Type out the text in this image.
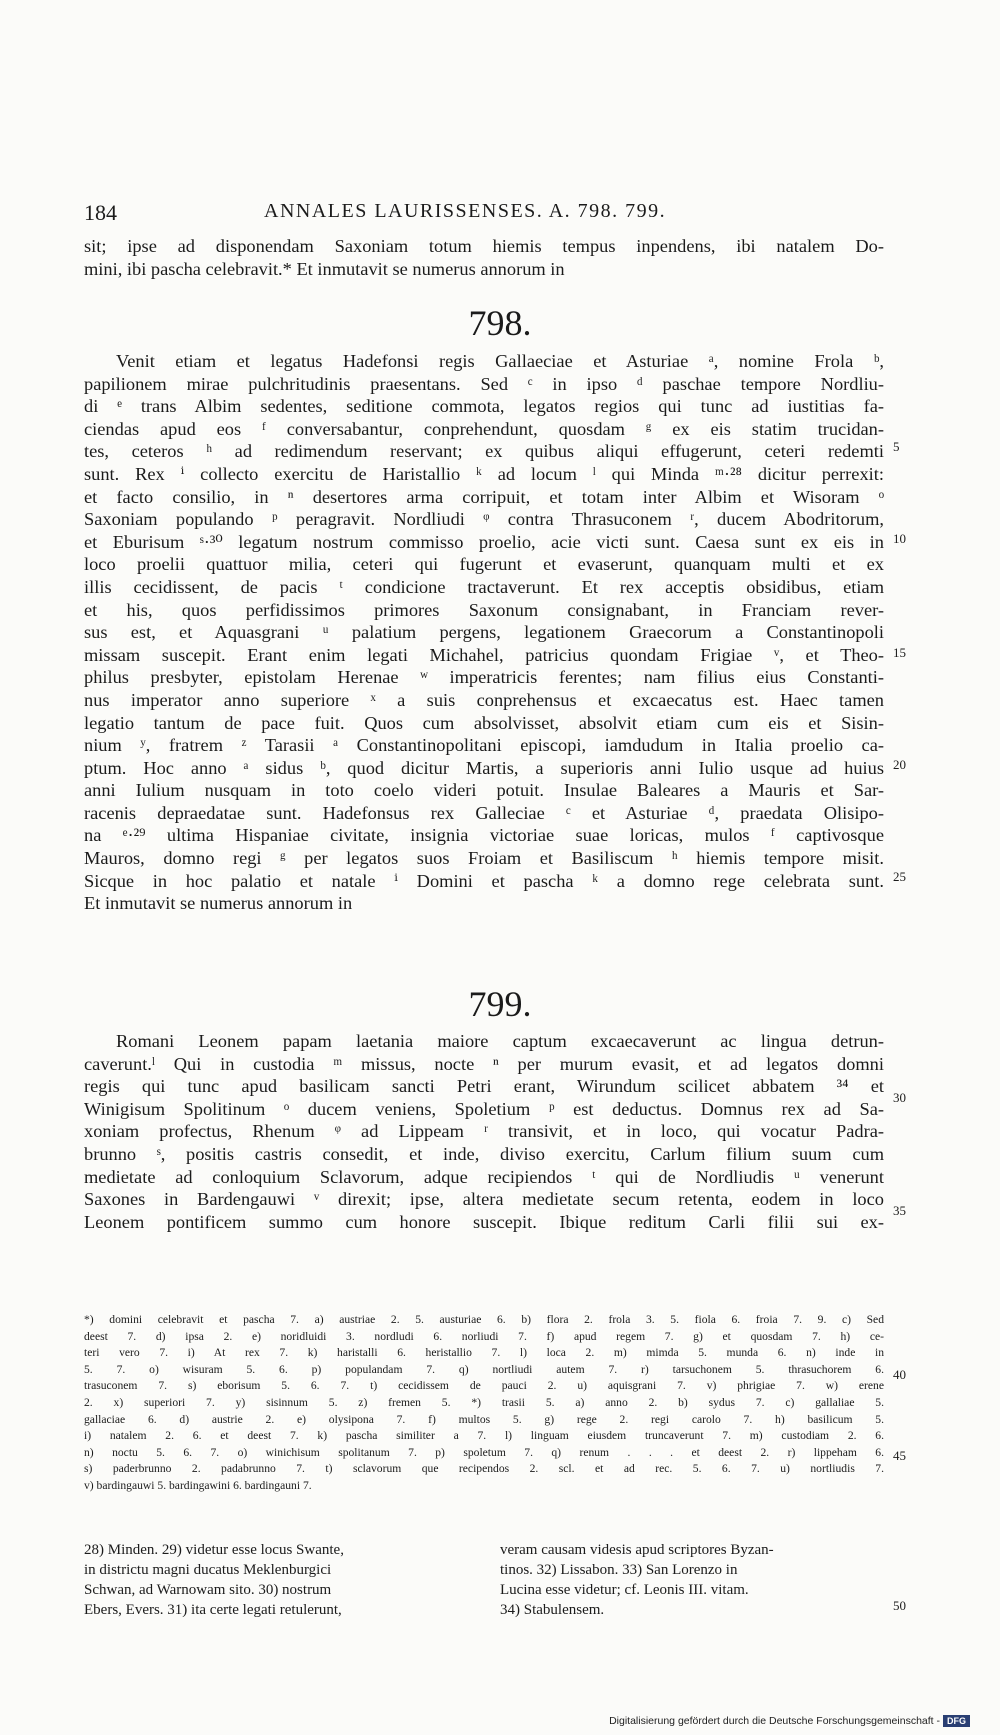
184	ANNALES LAURISSENSES. A. 798. 799.
sit; ipse ad disponendam Saxoniam totum hiemis tempus inpendens, ibi natalem Do-
mini, ibi pascha celebravit.* Et inmutavit se numerus annorum in
798.
Venit etiam et legatus Hadefonsi regis Gallaeciae et Asturiae ᵃ, nomine Frola ᵇ,
papilionem mirae pulchritudinis praesentans. Sed ᶜ in ipso ᵈ paschae tempore Nordliu-
di ᵉ trans Albim sedentes, seditione commota, legatos regios qui tunc ad iustitias fa-
ciendas apud eos ᶠ conversabantur, conprehendunt, quosdam ᵍ ex eis statim trucidan-
tes, ceteros ʰ ad redimendum reservant; ex quibus aliqui effugerunt, ceteri redemti
sunt. Rex ⁱ collecto exercitu de Haristallio ᵏ ad locum ˡ qui Minda ᵐ·²⁸ dicitur perrexit:
et facto consilio, in ⁿ desertores arma corripuit, et totam inter Albim et Wisoram ᵒ
Saxoniam populando ᵖ peragravit. Nordliudi ᵠ contra Thrasuconem ʳ, ducem Abodritorum,
et Eburisum ˢ·³⁰ legatum nostrum commisso proelio, acie victi sunt. Caesa sunt ex eis in
loco proelii quattuor milia, ceteri qui fugerunt et evaserunt, quanquam multi et ex
illis cecidissent, de pacis ᵗ condicione tractaverunt. Et rex acceptis obsidibus, etiam
et his, quos perfidissimos primores Saxonum consignabant, in Franciam rever-
sus est, et Aquasgrani ᵘ palatium pergens, legationem Graecorum a Constantinopoli
missam suscepit. Erant enim legati Michahel, patricius quondam Frigiae ᵛ, et Theo-
philus presbyter, epistolam Herenae ʷ imperatricis ferentes; nam filius eius Constanti-
nus imperator anno superiore ˣ a suis conprehensus et excaecatus est. Haec tamen
legatio tantum de pace fuit. Quos cum absolvisset, absolvit etiam cum eis et Sisin-
nium ʸ, fratrem ᶻ Tarasii ᵃ Constantinopolitani episcopi, iamdudum in Italia proelio ca-
ptum. Hoc anno ᵃ sidus ᵇ, quod dicitur Martis, a superioris anni Iulio usque ad huius
anni Iulium nusquam in toto coelo videri potuit. Insulae Baleares a Mauris et Sar-
racenis depraedatae sunt. Hadefonsus rex Galleciae ᶜ et Asturiae ᵈ, praedata Olisipo-
na ᵉ·²⁹ ultima Hispaniae civitate, insignia victoriae suae loricas, mulos ᶠ captivosque
Mauros, domno regi ᵍ per legatos suos Froiam et Basiliscum ʰ hiemis tempore misit.
Sicque in hoc palatio et natale ⁱ Domini et pascha ᵏ a domno rege celebrata sunt.
Et inmutavit se numerus annorum in
799.
Romani Leonem papam laetania maiore captum excaecaverunt ac lingua detrun-
caverunt.ˡ Qui in custodia ᵐ missus, nocte ⁿ per murum evasit, et ad legatos domni
regis qui tunc apud basilicam sancti Petri erant, Wirundum scilicet abbatem ³⁴ et
Winigisum Spolitinum ᵒ ducem veniens, Spoletium ᵖ est deductus. Domnus rex ad Sa-
xoniam profectus, Rhenum ᵠ ad Lippeam ʳ transivit, et in loco, qui vocatur Padra-
brunno ˢ, positis castris consedit, et inde, diviso exercitu, Carlum filium suum cum
medietate ad conloquium Sclavorum, adque recipiendos ᵗ qui de Nordliudis ᵘ venerunt
Saxones in Bardengauwi ᵛ direxit; ipse, altera medietate secum retenta, eodem in loco
Leonem pontificem summo cum honore suscepit. Ibique reditum Carli filii sui ex-
5
10
15
20
25
30
35
40
45
50
*) domini celebravit et pascha 7. a) austriae 2. 5. austuriae 6. b) flora 2. frola 3. 5. fiola 6. froia 7. 9. c) Sed
deest 7. d) ipsa 2. e) noridluidi 3. nordludi 6. norliudi 7. f) apud regem 7. g) et quosdam 7. h) ce-
teri vero 7. i) At rex 7. k) haristalli 6. heristallio 7. l) loca 2. m) mimda 5. munda 6. n) inde in
5. 7. o) wisuram 5. 6. p) populandam 7. q) nortliudi autem 7. r) tarsuchonem 5. thrasuchorem 6.
trasuconem 7. s) eborisum 5. 6. 7. t) cecidissem de pauci 2. u) aquisgrani 7. v) phrigiae 7. w) erene
2. x) superiori 7. y) sisinnum 5. z) fremen 5. *) trasii 5. a) anno 2. b) sydus 7. c) gallaliae 5.
gallaciae 6. d) austrie 2. e) olysipona 7. f) multos 5. g) rege 2. regi carolo 7. h) basilicum 5.
i) natalem 2. 6. et deest 7. k) pascha similiter a 7. l) linguam eiusdem truncaverunt 7. m) custodiam 2. 6.
n) noctu 5. 6. 7. o) winichisum spolitanum 7. p) spoletum 7. q) renum . . . et deest 2. r) lippeham 6.
s) paderbrunno 2. padabrunno 7. t) sclavorum que recipendos 2. scl. et ad rec. 5. 6. 7. u) nortliudis 7.
v) bardingauwi 5. bardingawini 6. bardingauni 7.
28) Minden. 29) videtur esse locus Swante,
in districtu magni ducatus Meklenburgici
Schwan, ad Warnowam sito. 30) nostrum
Ebers, Evers. 31) ita certe legati retulerunt,
veram causam videsis apud scriptores Byzan-
tinos. 32) Lissabon. 33) San Lorenzo in
Lucina esse videtur; cf. Leonis III. vitam.
34) Stabulensem.
Digitalisierung gefördert durch die Deutsche Forschungsgemeinschaft - DFG
